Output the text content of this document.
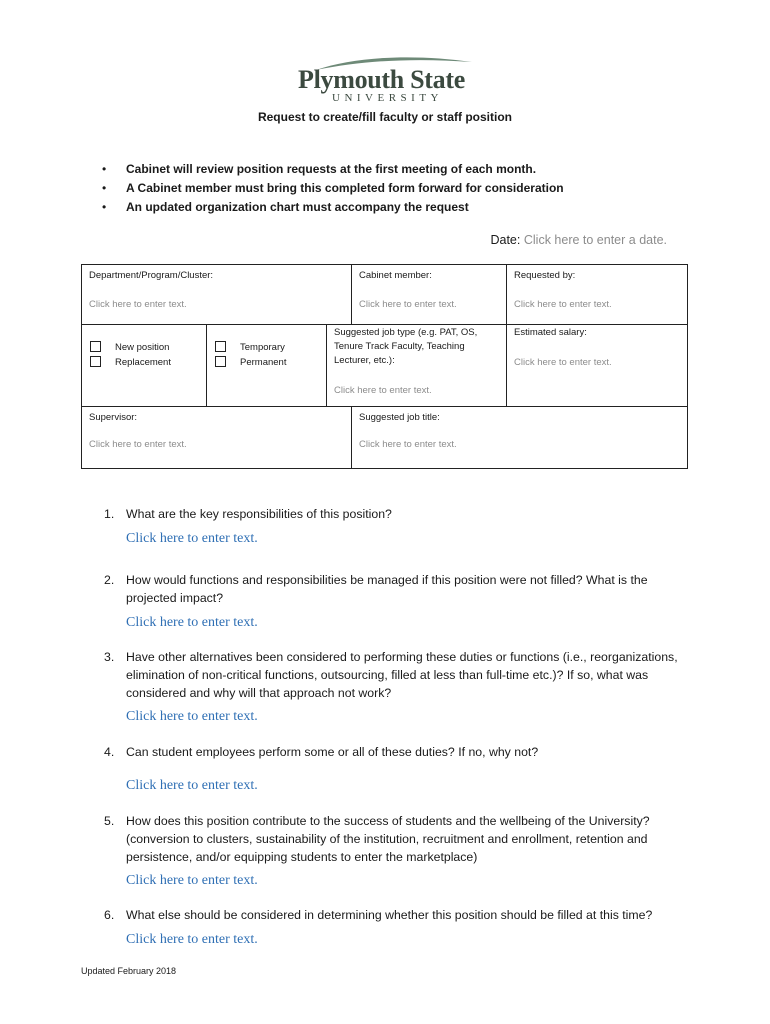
Plymouth State
UNIVERSITY
Request to create/fill faculty or staff position
• Cabinet will review position requests at the first meeting of each month.
• A Cabinet member must bring this completed form forward for consideration
• An updated organization chart must accompany the request
Date: Click here to enter a date.
Department/Program/Cluster:
Click here to enter text.
Cabinet member:
Click here to enter text.
Requested by:
Click here to enter text.
New position
Replacement
Temporary
Permanent
Suggested job type (e.g. PAT, OS,
Tenure Track Faculty, Teaching
Lecturer, etc.):
Click here to enter text.
Estimated salary:
Click here to enter text.
Supervisor:
Click here to enter text.
Suggested job title:
Click here to enter text.
1. What are the key responsibilities of this position?
Click here to enter text.
2. How would functions and responsibilities be managed if this position were not filled? What is the projected impact?
Click here to enter text.
3. Have other alternatives been considered to performing these duties or functions (i.e., reorganizations, elimination of non-critical functions, outsourcing, filled at less than full-time etc.)? If so, what was considered and why will that approach not work?
Click here to enter text.
4. Can student employees perform some or all of these duties? If no, why not?
Click here to enter text.
5. How does this position contribute to the success of students and the wellbeing of the University? (conversion to clusters, sustainability of the institution, recruitment and enrollment, retention and persistence, and/or equipping students to enter the marketplace)
Click here to enter text.
6. What else should be considered in determining whether this position should be filled at this time?
Click here to enter text.
Updated February 2018
